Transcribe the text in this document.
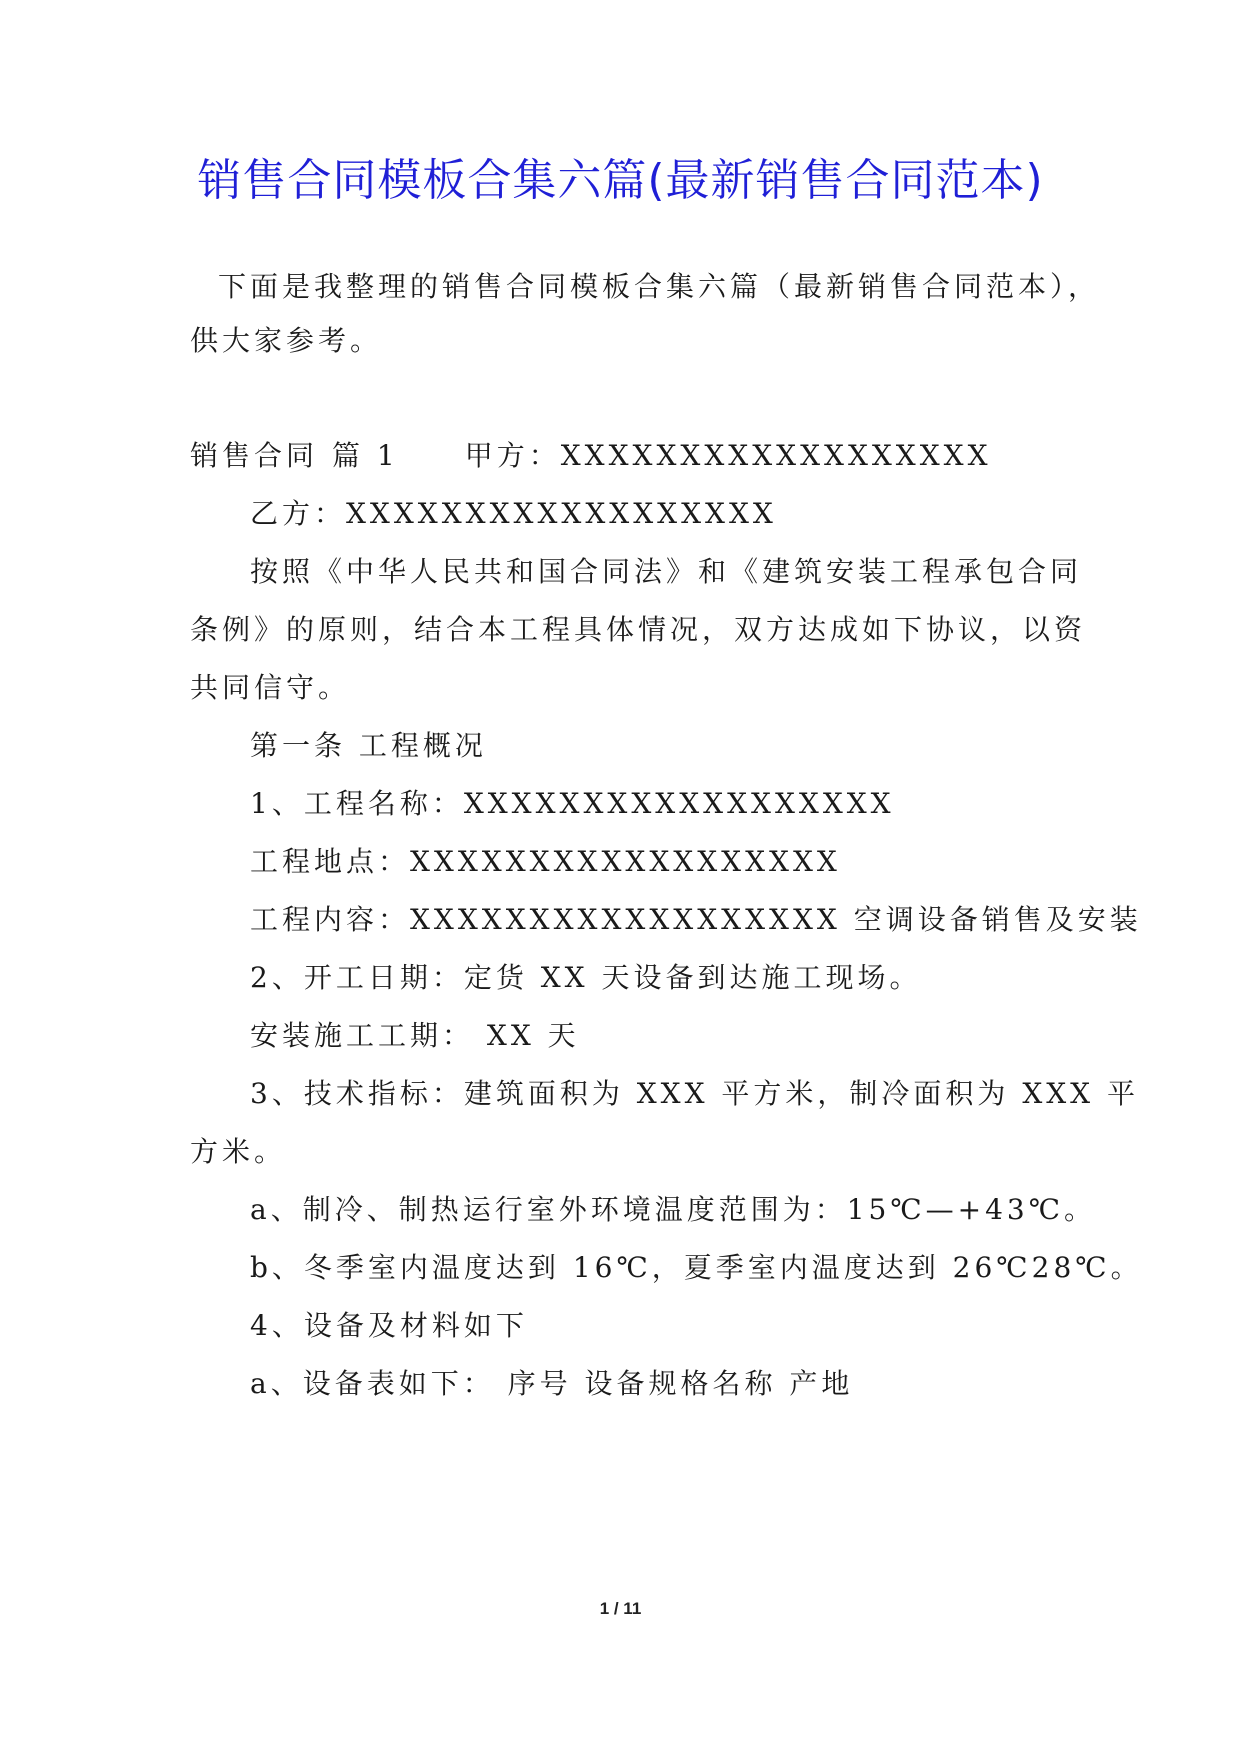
销售合同模板合集六篇(最新销售合同范本)
下面是我整理的销售合同模板合集六篇（最新销售合同范本），
供大家参考。
销售合同 篇 1 甲方：XXXXXXXXXXXXXXXXXX
乙方：XXXXXXXXXXXXXXXXXX
按照《中华人民共和国合同法》和《建筑安装工程承包合同
条例》的原则，结合本工程具体情况，双方达成如下协议，以资
共同信守。
第一条 工程概况
1、工程名称：XXXXXXXXXXXXXXXXXX
工程地点：XXXXXXXXXXXXXXXXXX
工程内容：XXXXXXXXXXXXXXXXXX 空调设备销售及安装
2、开工日期：定货 XX 天设备到达施工现场。
安装施工工期： XX 天
3、技术指标：建筑面积为 XXX 平方米，制冷面积为 XXX 平
方米。
a、制冷、制热运行室外环境温度范围为：15℃—+43℃。
b、冬季室内温度达到 16℃，夏季室内温度达到 26℃28℃。
4、设备及材料如下
a、设备表如下： 序号 设备规格名称 产地
1 / 11
